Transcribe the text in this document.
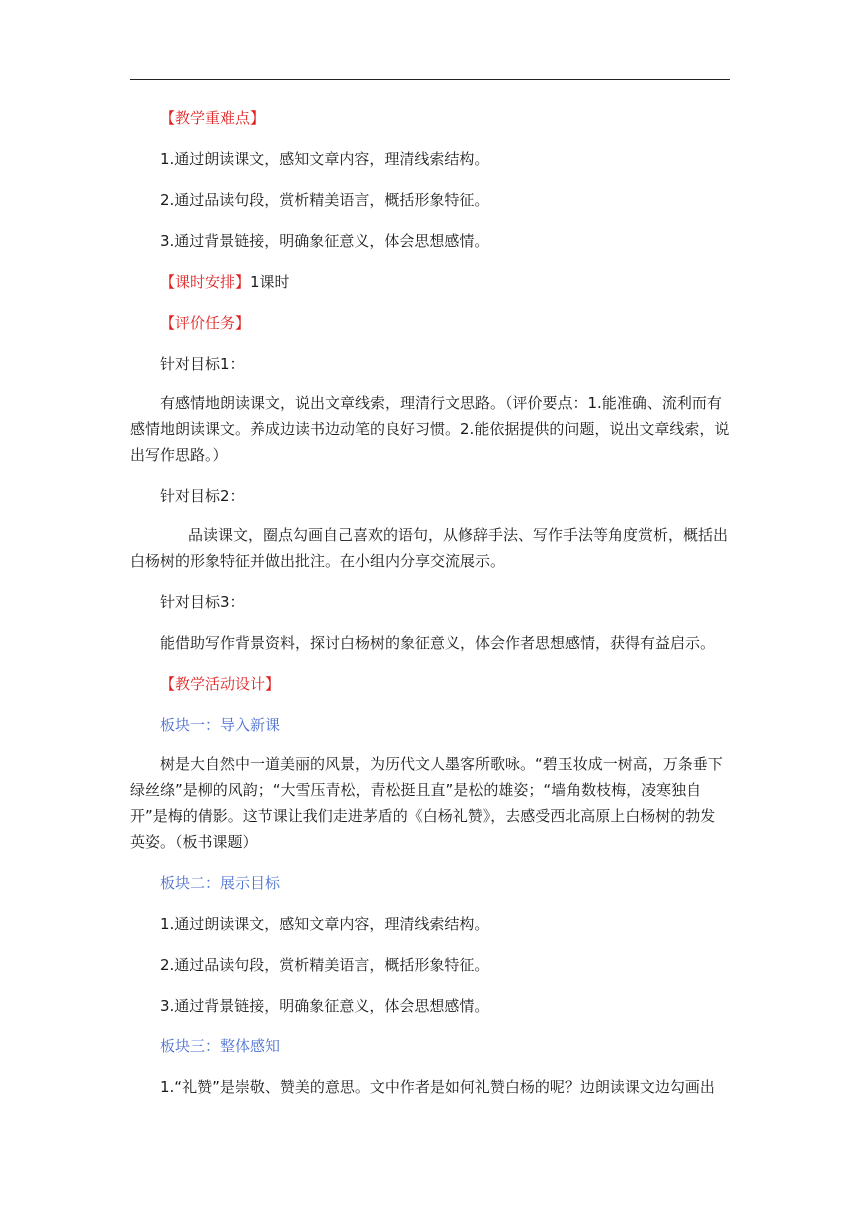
【教学重难点】
1.通过朗读课文，感知文章内容，理清线索结构。
2.通过品读句段，赏析精美语言，概括形象特征。
3.通过背景链接，明确象征意义，体会思想感情。
【课时安排】1课时
【评价任务】
针对目标1：
有感情地朗读课文，说出文章线索，理清行文思路。（评价要点：1.能准确、流利而有感情地朗读课文。养成边读书边动笔的良好习惯。2.能依据提供的问题，说出文章线索，说出写作思路。）
针对目标2：
品读课文，圈点勾画自己喜欢的语句，从修辞手法、写作手法等角度赏析，概括出白杨树的形象特征并做出批注。在小组内分享交流展示。
针对目标3：
能借助写作背景资料，探讨白杨树的象征意义，体会作者思想感情，获得有益启示。
【教学活动设计】
板块一：导入新课
树是大自然中一道美丽的风景，为历代文人墨客所歌咏。“碧玉妆成一树高，万条垂下绿丝绦”是柳的风韵；“大雪压青松，青松挺且直”是松的雄姿；“墙角数枝梅，凌寒独自开”是梅的倩影。这节课让我们走进茅盾的《白杨礼赞》，去感受西北高原上白杨树的勃发英姿。（板书课题）
板块二：展示目标
1.通过朗读课文，感知文章内容，理清线索结构。
2.通过品读句段，赏析精美语言，概括形象特征。
3.通过背景链接，明确象征意义，体会思想感情。
板块三：整体感知
1.“礼赞”是崇敬、赞美的意思。文中作者是如何礼赞白杨的呢？边朗读课文边勾画出
